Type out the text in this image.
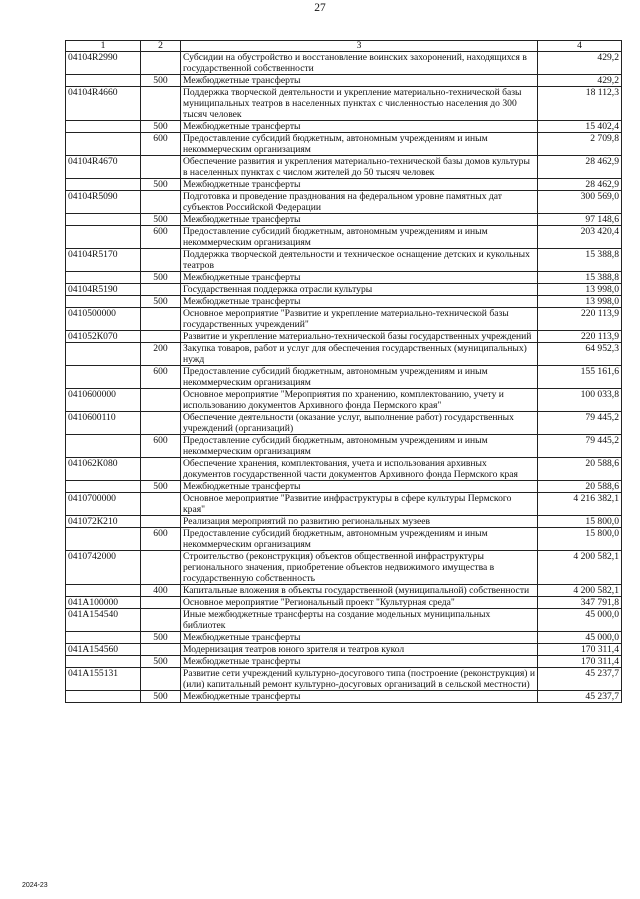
27
1	2	3	4
04104R2990		Субсидии на обустройство и восстановление воинских захоронений, находящихся в государственной собственности	429,2
	500	Межбюджетные трансферты	429,2
04104R4660		Поддержка творческой деятельности и укрепление материально-технической базы муниципальных театров в населенных пунктах с численностью населения до 300 тысяч человек	18 112,3
	500	Межбюджетные трансферты	15 402,4
	600	Предоставление субсидий бюджетным, автономным учреждениям и иным некоммерческим организациям	2 709,8
04104R4670		Обеспечение развития и укрепления материально-технической базы домов культуры в населенных пунктах с числом жителей до 50 тысяч человек	28 462,9
	500	Межбюджетные трансферты	28 462,9
04104R5090		Подготовка и проведение празднования на федеральном уровне памятных дат субъектов Российской Федерации	300 569,0
	500	Межбюджетные трансферты	97 148,6
	600	Предоставление субсидий бюджетным, автономным учреждениям и иным некоммерческим организациям	203 420,4
04104R5170		Поддержка творческой деятельности и техническое оснащение детских и кукольных театров	15 388,8
	500	Межбюджетные трансферты	15 388,8
04104R5190		Государственная поддержка отрасли культуры	13 998,0
	500	Межбюджетные трансферты	13 998,0
0410500000		Основное мероприятие "Развитие и укрепление материально-технической базы государственных учреждений"	220 113,9
041052К070		Развитие и укрепление материально-технической базы государственных учреждений	220 113,9
	200	Закупка товаров, работ и услуг для обеспечения государственных (муниципальных) нужд	64 952,3
	600	Предоставление субсидий бюджетным, автономным учреждениям и иным некоммерческим организациям	155 161,6
0410600000		Основное мероприятие "Мероприятия по хранению, комплектованию, учету и использованию документов Архивного фонда Пермского края"	100 033,8
0410600110		Обеспечение деятельности (оказание услуг, выполнение работ) государственных учреждений (организаций)	79 445,2
	600	Предоставление субсидий бюджетным, автономным учреждениям и иным некоммерческим организациям	79 445,2
041062К080		Обеспечение хранения, комплектования, учета и использования архивных документов государственной части документов Архивного фонда Пермского края	20 588,6
	500	Межбюджетные трансферты	20 588,6
0410700000		Основное мероприятие "Развитие инфраструктуры в сфере культуры Пермского края"	4 216 382,1
041072К210		Реализация мероприятий по развитию региональных музеев	15 800,0
	600	Предоставление субсидий бюджетным, автономным учреждениям и иным некоммерческим организациям	15 800,0
0410742000		Строительство (реконструкция) объектов общественной инфраструктуры регионального значения, приобретение объектов недвижимого имущества в государственную собственность	4 200 582,1
	400	Капитальные вложения в объекты государственной (муниципальной) собственности	4 200 582,1
041А100000		Основное мероприятие "Региональный проект "Культурная среда"	347 791,8
041А154540		Иные межбюджетные трансферты на создание модельных муниципальных библиотек	45 000,0
	500	Межбюджетные трансферты	45 000,0
041А154560		Модернизация театров юного зрителя и театров кукол	170 311,4
	500	Межбюджетные трансферты	170 311,4
041А155131		Развитие сети учреждений культурно-досугового типа (построение (реконструкция) и (или) капитальный ремонт культурно-досуговых организаций в сельской местности)	45 237,7
	500	Межбюджетные трансферты	45 237,7
2024-23
